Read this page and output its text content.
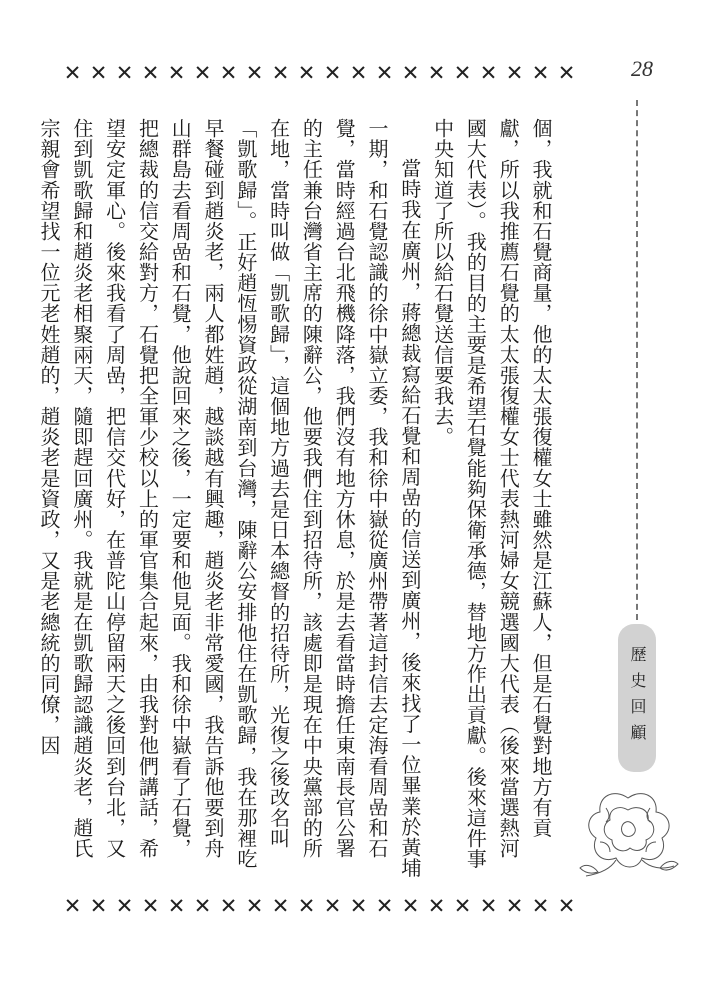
✕ ✕ ✕ ✕ ✕ ✕ ✕ ✕ ✕ ✕ ✕ ✕ ✕ ✕ ✕ ✕ ✕ ✕ ✕ ✕	28

個，我就和石覺商量，他的太太張復權女士雖然是江蘇人，但是石覺對地方有貢獻，所以我推薦石覺的太太張復權女士代表熱河婦女競選國大代表（後來當選熱河國大代表）。我的目的主要是希望石覺能夠保衛承德，替地方作出貢獻。後來這件事中央知道了所以給石覺送信要我去。

當時我在廣州，蔣總裁寫給石覺和周嵒的信送到廣州，後來找了一位畢業於黃埔一期，和石覺認識的徐中嶽立委，我和徐中嶽從廣州帶著這封信去定海看周嵒和石覺，當時經過台北飛機降落，我們沒有地方休息，於是去看當時擔任東南長官公署的主任兼台灣省主席的陳辭公，他要我們住到招待所，該處即是現在中央黨部的所在地，當時叫做「凱歌歸」，這個地方過去是日本總督的招待所，光復之後改名叫「凱歌歸」。正好趙恆惕資政從湖南到台灣，陳辭公安排他住在凱歌歸，我在那裡吃早餐碰到趙炎老，兩人都姓趙，越談越有興趣，趙炎老非常愛國，我告訴他要到舟山群島去看周嵒和石覺，他說回來之後，一定要和他見面。我和徐中嶽看了石覺，把總裁的信交給對方，石覺把全軍少校以上的軍官集合起來，由我對他們講話，希望安定軍心。後來我看了周嵒，把信交代好，在普陀山停留兩天之後回到台北，又住到凱歌歸和趙炎老相聚兩天，隨即趕回廣州。我就是在凱歌歸認識趙炎老，趙氏宗親會希望找一位元老姓趙的，趙炎老是資政，又是老總統的同僚，因	歷史回顧
✕ ✕ ✕ ✕ ✕ ✕ ✕ ✕ ✕ ✕ ✕ ✕ ✕ ✕ ✕ ✕ ✕ ✕ ✕ ✕
